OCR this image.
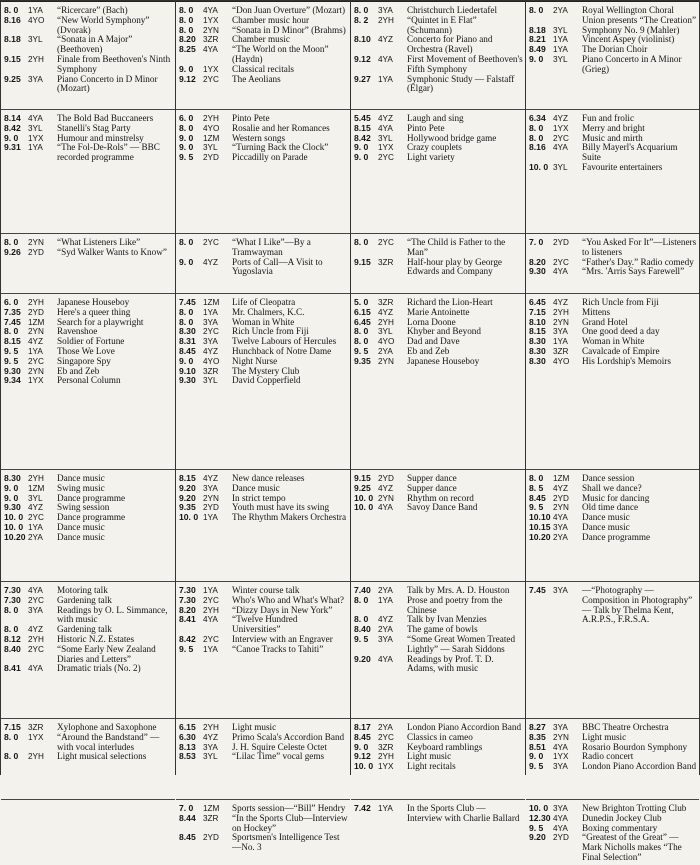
8. 0	1YA	“Ricercare” (Bach)
8.16 4YO	“New World Symphony” (Dvorak)
8.18 3YL	“Sonata in A Major” (Beethoven)
9.15 2YH	Finale from Beethoven's Ninth Symphony
9.25 3YA	Piano Concerto in D Minor (Mozart)
8.14 4YA	The Bold Bad Buccaneers
8.42 3YL	Stanelli's Stag Party
9. 0	1YX	Humour and minstrelsy
9.31 1YA	“The Fol-De-Rols” — BBC recorded programme
8. 0	2YN	“What Listeners Like”
9.26 2YD	“Syd Walker Wants to Know”
6. 0	2YH	Japanese Houseboy
7.35 2YD	Here's a queer thing
7.45 1ZM	Search for a playwright
8. 0	2YN	Ravenshoe
8.15 4YZ	Soldier of Fortune
9. 5	1YA	Those We Love
9. 5	2YC	Singapore Spy
9.30 2YN	Eb and Zeb
9.34 1YX	Personal Column
8.30 2YH	Dance music
9. 0	1ZM	Swing music
9. 0	3YL	Dance programme
9.30 4YZ	Swing session
10. 0 2YC	Dance programme
10. 0 1YA	Dance music
10.20 2YA	Dance music
7.30 4YA	Motoring talk
7.30 2YC	Gardening talk
8. 0	3YA	Readings by O. L. Simmance, with music
8. 0	4YZ	Gardening talk
8.12 2YH	Historic N.Z. Estates
8.40 2YC	“Some Early New Zealand Diaries and Letters”
8.41 4YA	Dramatic trials (No. 2)
7.15 3ZR	Xylophone and Saxophone
8. 0	1YX	“Around the Bandstand” — with vocal interludes
8. 0	2YH	Light musical selections
8. 0	4YA	“Don Juan Overture” (Mozart)
8. 0	1YX	Chamber music hour
8. 0	2YN	“Sonata in D Minor” (Brahms)
8.20 3ZR	Chamber music
8.25 4YA	“The World on the Moon” (Haydn)
9. 0	1YX	Classical recitals
9.12 2YC	The Aeolians
6. 0	2YH	Pinto Pete
8. 0	4YO	Rosalie and her Romances
9. 0	1ZM	Western songs
9. 0	3YL	“Turning Back the Clock”
9. 5	2YD	Piccadilly on Parade
8. 0	2YC	“What I Like”—By a Tramwayman
9. 0	4YZ	Ports of Call—A Visit to Yugoslavia
7.45 1ZM	Life of Cleopatra
8. 0	1YA	Mr. Chalmers, K.C.
8. 0	3YA	Woman in White
8.30 2YC	Rich Uncle from Fiji
8.31 3YA	Twelve Labours of Hercules
8.45 4YZ	Hunchback of Notre Dame
9. 0	4YO	Night Nurse
9.10 3ZR	The Mystery Club
9.30 3YL	David Copperfield
8.15 4YZ	New dance releases
9.20 3YA	Dance music
9.20 2YN	In strict tempo
9.35 2YD	Youth must have its swing
10. 0 1YA	The Rhythm Makers Orchestra
7.30 1YA	Winter course talk
7.30 2YC	Who's Who and What's What?
8.20 2YH	“Dizzy Days in New York”
8.41 4YA	“Twelve Hundred Universities”
8.42 2YC	Interview with an Engraver
9. 5	1YA	“Canoe Tracks to Tahiti”
6.15 2YH	Light music
6.30 4YZ	Primo Scala's Accordion Band
8.13 3YA	J. H. Squire Celeste Octet
8.53 3YL	“Lilac Time” vocal gems
7. 0	1ZM	Sports session—“Bill” Hendry
8.44 3ZR	“In the Sports Club—Interview on Hockey”
8.45 2YD	Sportsmen's Intelligence Test—No. 3
8. 0	3YA	Christchurch Liedertafel
8. 2	2YH	“Quintet in E Flat” (Schumann)
8.10 4YZ	Concerto for Piano and Orchestra (Ravel)
9.12 4YA	First Movement of Beethoven's Fifth Symphony
9.27 1YA	Symphonic Study — Falstaff (Elgar)
5.45 4YZ	Laugh and sing
8.15 4YA	Pinto Pete
8.42 3YL	Hollywood bridge game
9. 0	1YX	Crazy couplets
9. 0	2YC	Light variety
8. 0	2YC	“The Child is Father to the Man”
9.15 3ZR	Half-hour play by George Edwards and Company
5. 0	3ZR	Richard the Lion-Heart
6.15 4YZ	Marie Antoinette
6.45 2YH	Lorna Doone
8. 0	3YL	Khyber and Beyond
8. 0	4YO	Dad and Dave
9. 5	2YA	Eb and Zeb
9.35 2YN	Japanese Houseboy
9.15 2YD	Supper dance
9.25 4YZ	Supper dance
10. 0 2YN	Rhythm on record
10. 0 4YA	Savoy Dance Band
7.40 2YA	Talk by Mrs. A. D. Houston
8. 0	1YA	Prose and poetry from the Chinese
8. 0	4YZ	Talk by Ivan Menzies
8.40 2YA	The game of bowls
9. 5	3YA	“Some Great Women Treated Lightly” — Sarah Siddons
9.20 4YA	Readings by Prof. T. D. Adams, with music
8.17 2YA	London Piano Accordion Band
8.45 2YC	Classics in cameo
9. 0	3ZR	Keyboard ramblings
9.12 2YH	Light music
10. 0 1YX	Light recitals
7.42 1YA	In the Sports Club — Interview with Charlie Ballard
8. 0	2YA	Royal Wellington Choral Union presents “The Creation”
8.18 3YL	Symphony No. 9 (Mahler)
8.21 1YA	Vincent Aspey (violinist)
8.49 1YA	The Dorian Choir
9. 0	3YL	Piano Concerto in A Minor (Grieg)
6.34 4YZ	Fun and frolic
8. 0	1YX	Merry and bright
8. 0	2YC	Music and mirth
8.16 4YA	Billy Mayerl's Acquarium Suite
10. 0 3YL	Favourite entertainers
7. 0	2YD	“You Asked For It”—Listeners to listeners
8.20 2YC	“Father's Day.” Radio comedy
9.30 4YA	“Mrs. 'Arris Says Farewell”
6.45 4YZ	Rich Uncle from Fiji
7.15 2YH	Mittens
8.10 2YN	Grand Hotel
8.15 3YA	One good deed a day
8.30 1YA	Woman in White
8.30 3ZR	Cavalcade of Empire
8.30 4YO	His Lordship's Memoirs
8. 0	1ZM	Dance session
8. 5	4YZ	Shall we dance?
8.45 2YD	Music for dancing
9. 5	2YN	Old time dance
10.10 4YA	Dance music
10.15 3YA	Dance music
10.20 2YA	Dance programme
7.45 3YA	—“Photography — Composition in Photography” — Talk by Thelma Kent, A.R.P.S., F.R.S.A.
8.27 3YA	BBC Theatre Orchestra
8.35 2YN	Light music
8.51 4YA	Rosario Bourdon Symphony
9. 0	1YX	Radio concert
9. 5	3YA	London Piano Accordion Band
10. 0 3YA	New Brighton Trotting Club
12.30 4YA	Dunedin Jockey Club
9. 5	4YA	Boxing commentary
9.20 2YD	“Greatest of the Great” —Mark Nicholls makes “The Final Selection”
